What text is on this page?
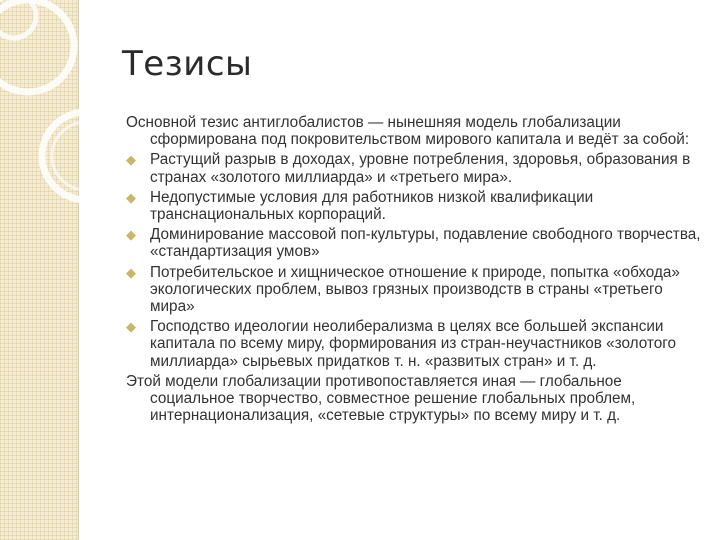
Тезисы

Основной тезис антиглобалистов — нынешняя модель глобализации сформирована под покровительством мирового капитала и ведёт за собой:

◆ Растущий разрыв в доходах, уровне потребления, здоровья, образования в странах «золотого миллиарда» и «третьего мира».
◆ Недопустимые условия для работников низкой квалификации транснациональных корпораций.
◆ Доминирование массовой поп-культуры, подавление свободного творчества, «стандартизация умов»
◆ Потребительское и хищническое отношение к природе, попытка «обхода» экологических проблем, вывоз грязных производств в страны «третьего мира»
◆ Господство идеологии неолиберализма в целях все большей экспансии капитала по всему миру, формирования из стран-неучастников «золотого миллиарда» сырьевых придатков т. н. «развитых стран» и т. д.

Этой модели глобализации противопоставляется иная — глобальное социальное творчество, совместное решение глобальных проблем, интернационализация, «сетевые структуры» по всему миру и т. д.
